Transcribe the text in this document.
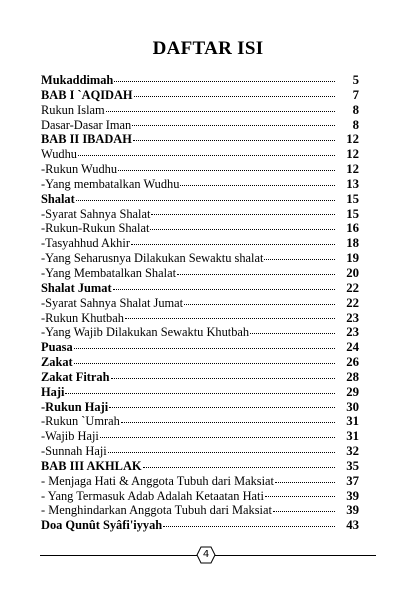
DAFTAR ISI
Mukaddimah	5
BAB I `AQIDAH	7
Rukun Islam	8
Dasar-Dasar Iman	8
BAB II IBADAH	12
Wudhu	12
-Rukun Wudhu	12
-Yang membatalkan Wudhu	13
Shalat	15
-Syarat Sahnya Shalat	15
-Rukun-Rukun Shalat	16
-Tasyahhud Akhir	18
-Yang Seharusnya Dilakukan Sewaktu shalat	19
-Yang Membatalkan Shalat	20
Shalat Jumat	22
-Syarat Sahnya Shalat Jumat	22
-Rukun Khutbah	23
-Yang Wajib Dilakukan Sewaktu Khutbah	23
Puasa	24
Zakat	26
Zakat Fitrah	28
Haji	29
-Rukun Haji	30
-Rukun `Umrah	31
-Wajib Haji	31
-Sunnah Haji	32
BAB III AKHLAK	35
- Menjaga Hati & Anggota Tubuh dari Maksiat	37
- Yang Termasuk Adab Adalah Ketaatan Hati	39
- Menghindarkan Anggota Tubuh dari Maksiat	39
Doa Qunût Syâfi'iyyah	43
4
